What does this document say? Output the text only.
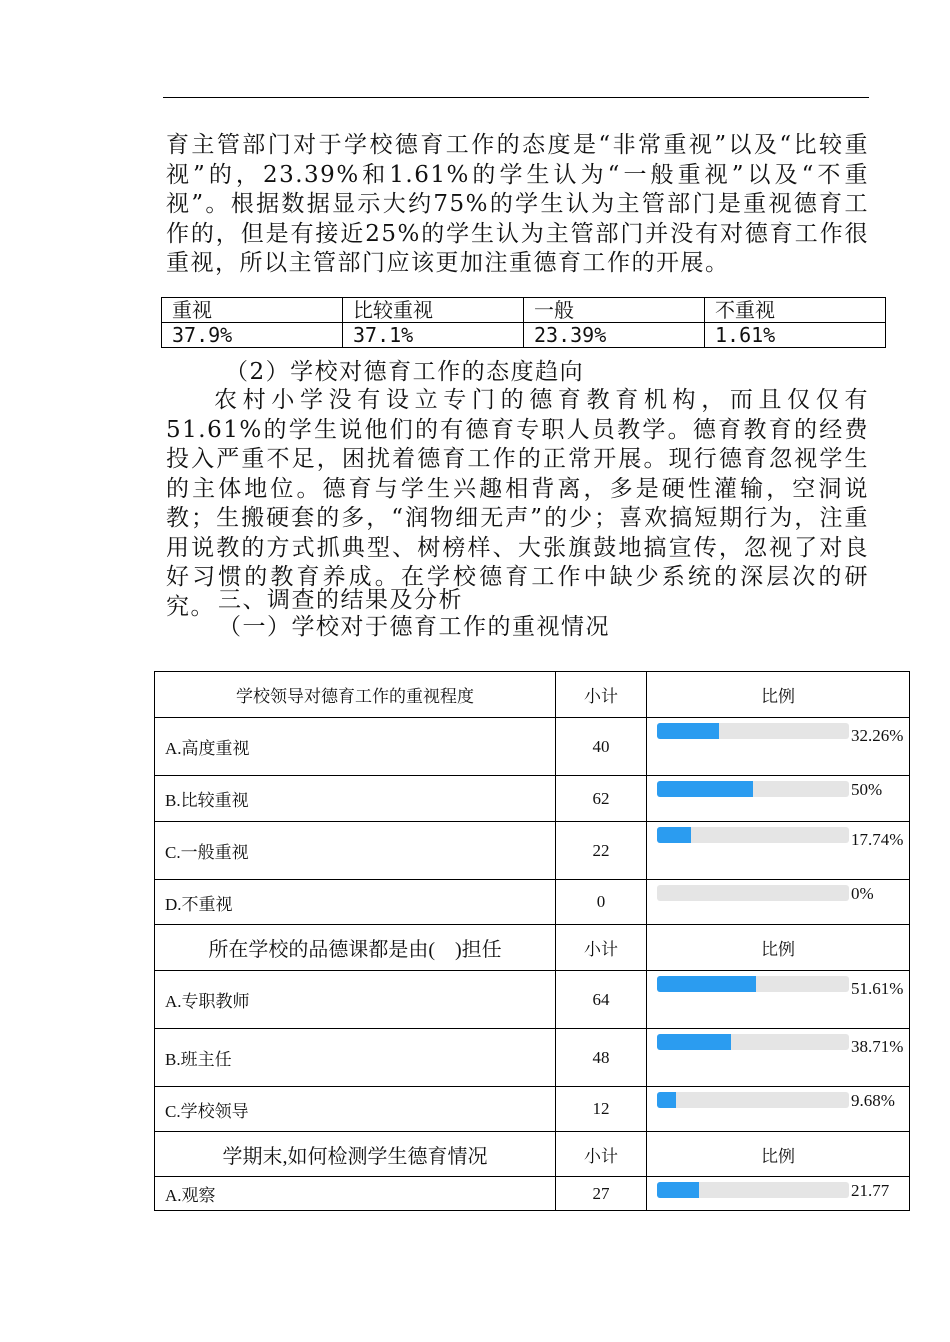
育主管部门对于学校德育工作的态度是“非常重视”以及“比较重视”的，23.39%和1.61%的学生认为“一般重视”以及“不重视”。根据数据显示大约75%的学生认为主管部门是重视德育工作的，但是有接近25%的学生认为主管部门并没有对德育工作很重视，所以主管部门应该更加注重德育工作的开展。

重视	比较重视	一般	不重视
37.9%	37.1%	23.39%	1.61%
（2）学校对德育工作的态度趋向

农村小学没有设立专门的德育教育机构，而且仅仅有51.61%的学生说他们的有德育专职人员教学。德育教育的经费投入严重不足，困扰着德育工作的正常开展。现行德育忽视学生的主体地位。德育与学生兴趣相背离，多是硬性灌输，空洞说教；生搬硬套的多，“润物细无声”的少；喜欢搞短期行为，注重用说教的方式抓典型、树榜样、大张旗鼓地搞宣传，忽视了对良好习惯的教育养成。在学校德育工作中缺少系统的深层次的研究。 三、调查的结果及分析
（一）学校对于德育工作的重视情况
学校领导对德育工作的重视程度	小计	比例
A.高度重视	40	32.26%

B.比较重视	62	50%

C.一般重视	22	17.74%

D.不重视	0	0%

所在学校的品德课都是由(　)担任	小计	比例
A.专职教师	64	51.61%

B.班主任	48	38.71%

C.学校领导	12	9.68%

学期末,如何检测学生德育情况	小计	比例
A.观察	27	21.77
